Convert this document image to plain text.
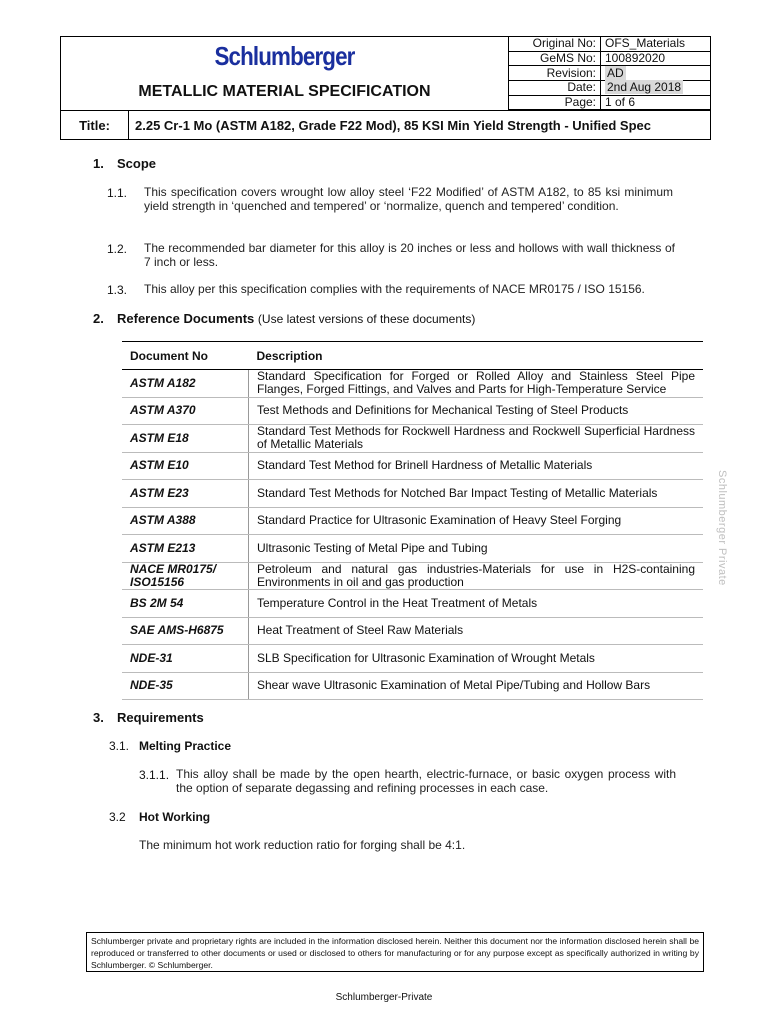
Schlumberger
METALLIC MATERIAL SPECIFICATION
Original No:	OFS_Materials
GeMS No:	100892020
Revision:	AD
Date:	2nd Aug 2018
Page:	1 of 6
Title:	2.25 Cr-1 Mo (ASTM A182, Grade F22 Mod), 85 KSI Min Yield Strength - Unified Spec
1. Scope
1.1. This specification covers wrought low alloy steel ‘F22 Modified’ of ASTM A182, to 85 ksi minimum yield strength in ‘quenched and tempered’ or ‘normalize, quench and tempered’ condition.
1.2. The recommended bar diameter for this alloy is 20 inches or less and hollows with wall thickness of 7 inch or less.
1.3. This alloy per this specification complies with the requirements of NACE MR0175 / ISO 15156.
2. Reference Documents (Use latest versions of these documents)
Document No	Description
ASTM A182	Standard Specification for Forged or Rolled Alloy and Stainless Steel Pipe Flanges, Forged Fittings, and Valves and Parts for High-Temperature Service
ASTM A370	Test Methods and Definitions for Mechanical Testing of Steel Products
ASTM E18	Standard Test Methods for Rockwell Hardness and Rockwell Superficial Hardness of Metallic Materials
ASTM E10	Standard Test Method for Brinell Hardness of Metallic Materials
ASTM E23	Standard Test Methods for Notched Bar Impact Testing of Metallic Materials
ASTM A388	Standard Practice for Ultrasonic Examination of Heavy Steel Forging
ASTM E213	Ultrasonic Testing of Metal Pipe and Tubing
NACE MR0175/ ISO15156	Petroleum and natural gas industries-Materials for use in H2S-containing Environments in oil and gas production
BS 2M 54	Temperature Control in the Heat Treatment of Metals
SAE AMS-H6875	Heat Treatment of Steel Raw Materials
NDE-31	SLB Specification for Ultrasonic Examination of Wrought Metals
NDE-35	Shear wave Ultrasonic Examination of Metal Pipe/Tubing and Hollow Bars
3. Requirements
3.1. Melting Practice
3.1.1. This alloy shall be made by the open hearth, electric-furnace, or basic oxygen process with the option of separate degassing and refining processes in each case.
3.2 Hot Working
The minimum hot work reduction ratio for forging shall be 4:1.
Schlumberger Private
Schlumberger private and proprietary rights are included in the information disclosed herein. Neither this document nor the information disclosed herein shall be reproduced or transferred to other documents or used or disclosed to others for manufacturing or for any purpose except as specifically authorized in writing by Schlumberger. © Schlumberger.
Schlumberger-Private
